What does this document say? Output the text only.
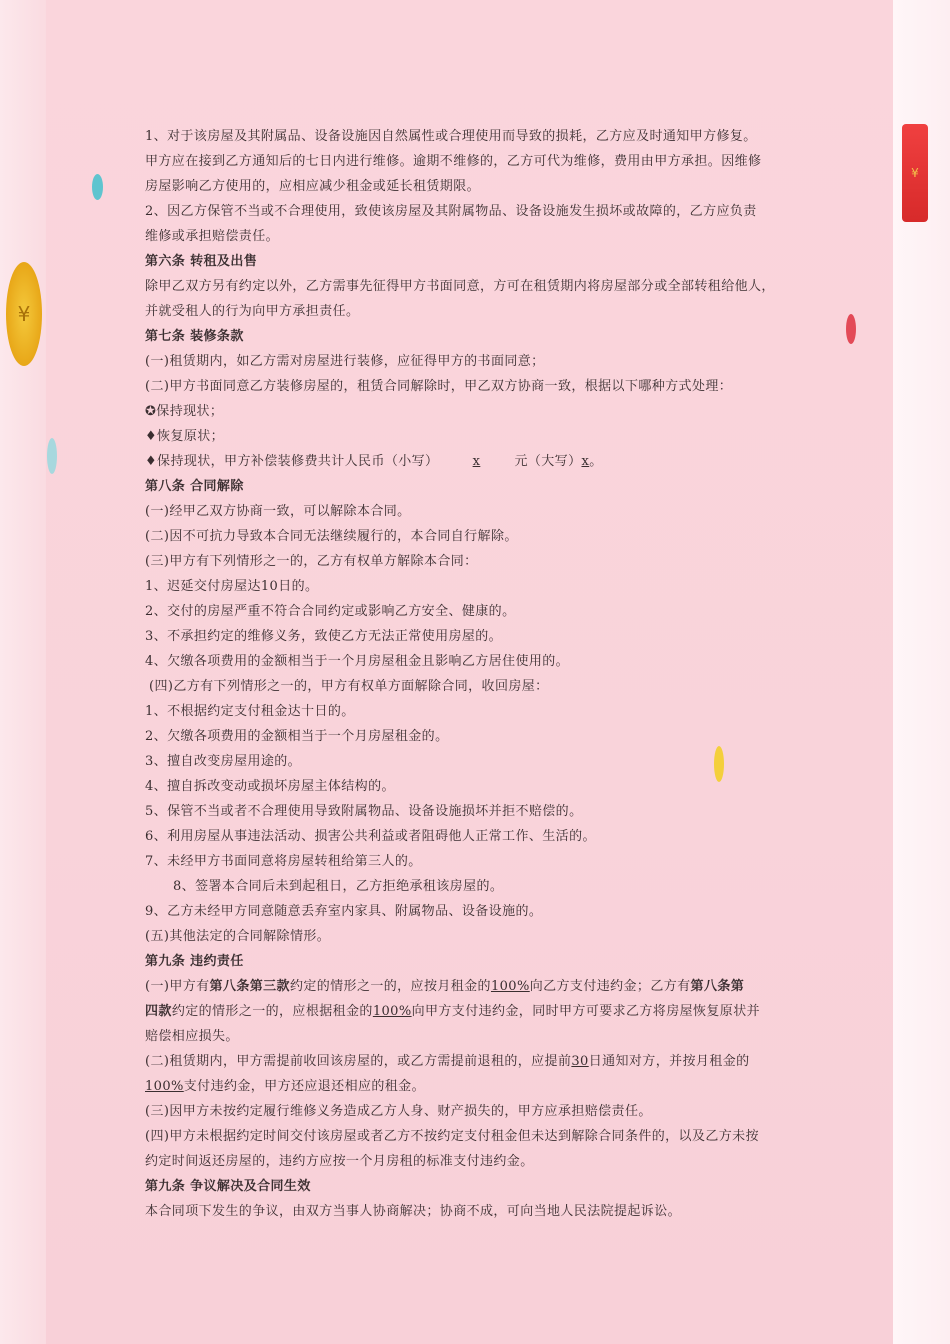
¥
¥
1、对于该房屋及其附属品、设备设施因自然属性或合理使用而导致的损耗，乙方应及时通知甲方修复。
甲方应在接到乙方通知后的七日内进行维修。逾期不维修的，乙方可代为维修，费用由甲方承担。因维修
房屋影响乙方使用的，应相应减少租金或延长租赁期限。
2、因乙方保管不当或不合理使用，致使该房屋及其附属物品、设备设施发生损坏或故障的，乙方应负责
维修或承担赔偿责任。
第六条 转租及出售
除甲乙双方另有约定以外，乙方需事先征得甲方书面同意，方可在租赁期内将房屋部分或全部转租给他人，
并就受租人的行为向甲方承担责任。
第七条 装修条款
(一)租赁期内，如乙方需对房屋进行装修，应征得甲方的书面同意；
(二)甲方书面同意乙方装修房屋的，租赁合同解除时，甲乙双方协商一致，根据以下哪种方式处理：
✪保持现状；
♦恢复原状；
♦保持现状，甲方补偿装修费共计人民币（小写）	x	元（大写）x。
第八条 合同解除
(一)经甲乙双方协商一致，可以解除本合同。
(二)因不可抗力导致本合同无法继续履行的，本合同自行解除。
(三)甲方有下列情形之一的，乙方有权单方解除本合同：
1、迟延交付房屋达10日的。
2、交付的房屋严重不符合合同约定或影响乙方安全、健康的。
3、不承担约定的维修义务，致使乙方无法正常使用房屋的。
4、欠缴各项费用的金额相当于一个月房屋租金且影响乙方居住使用的。
(四)乙方有下列情形之一的，甲方有权单方面解除合同，收回房屋：
1、不根据约定支付租金达十日的。
2、欠缴各项费用的金额相当于一个月房屋租金的。
3、擅自改变房屋用途的。
4、擅自拆改变动或损坏房屋主体结构的。
5、保管不当或者不合理使用导致附属物品、设备设施损坏并拒不赔偿的。
6、利用房屋从事违法活动、损害公共利益或者阻碍他人正常工作、生活的。
7、未经甲方书面同意将房屋转租给第三人的。
8、签署本合同后未到起租日，乙方拒绝承租该房屋的。
9、乙方未经甲方同意随意丢弃室内家具、附属物品、设备设施的。
(五)其他法定的合同解除情形。
第九条 违约责任
(一)甲方有第八条第三款约定的情形之一的，应按月租金的100%向乙方支付违约金；乙方有第八条第
四款约定的情形之一的，应根据租金的100%向甲方支付违约金，同时甲方可要求乙方将房屋恢复原状并
赔偿相应损失。
(二)租赁期内，甲方需提前收回该房屋的，或乙方需提前退租的，应提前30日通知对方，并按月租金的
100%支付违约金，甲方还应退还相应的租金。
(三)因甲方未按约定履行维修义务造成乙方人身、财产损失的，甲方应承担赔偿责任。
(四)甲方未根据约定时间交付该房屋或者乙方不按约定支付租金但未达到解除合同条件的，以及乙方未按
约定时间返还房屋的，违约方应按一个月房租的标准支付违约金。
第九条 争议解决及合同生效
本合同项下发生的争议，由双方当事人协商解决；协商不成，可向当地人民法院提起诉讼。
